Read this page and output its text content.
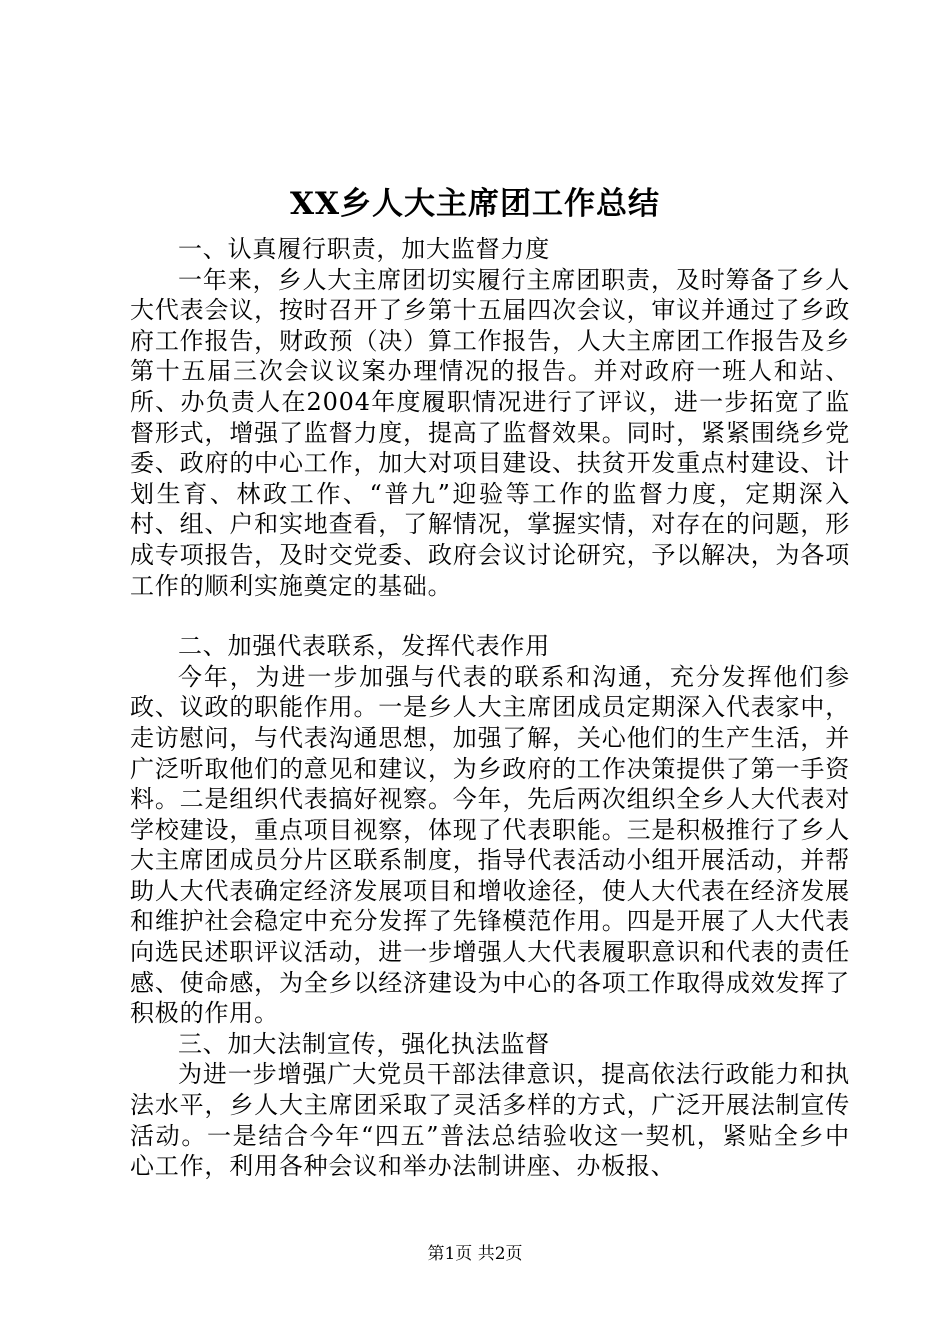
XX乡人大主席团工作总结

一、认真履行职责，加大监督力度

一年来，乡人大主席团切实履行主席团职责，及时筹备了乡人大代表会议，按时召开了乡第十五届四次会议，审议并通过了乡政府工作报告，财政预（决）算工作报告，人大主席团工作报告及乡第十五届三次会议议案办理情况的报告。并对政府一班人和站、所、办负责人在2004年度履职情况进行了评议，进一步拓宽了监督形式，增强了监督力度，提高了监督效果。同时，紧紧围绕乡党委、政府的中心工作，加大对项目建设、扶贫开发重点村建设、计划生育、林政工作、“普九”迎验等工作的监督力度，定期深入村、组、户和实地查看，了解情况，掌握实情，对存在的问题，形成专项报告，及时交党委、政府会议讨论研究，予以解决，为各项工作的顺利实施奠定的基础。

二、加强代表联系，发挥代表作用

今年，为进一步加强与代表的联系和沟通，充分发挥他们参政、议政的职能作用。一是乡人大主席团成员定期深入代表家中，走访慰问，与代表沟通思想，加强了解，关心他们的生产生活，并广泛听取他们的意见和建议，为乡政府的工作决策提供了第一手资料。二是组织代表搞好视察。今年，先后两次组织全乡人大代表对学校建设，重点项目视察，体现了代表职能。三是积极推行了乡人大主席团成员分片区联系制度，指导代表活动小组开展活动，并帮助人大代表确定经济发展项目和增收途径，使人大代表在经济发展和维护社会稳定中充分发挥了先锋模范作用。四是开展了人大代表向选民述职评议活动，进一步增强人大代表履职意识和代表的责任感、使命感，为全乡以经济建设为中心的各项工作取得成效发挥了积极的作用。

三、加大法制宣传，强化执法监督

为进一步增强广大党员干部法律意识，提高依法行政能力和执法水平，乡人大主席团采取了灵活多样的方式，广泛开展法制宣传活动。一是结合今年“四五”普法总结验收这一契机，紧贴全乡中心工作，利用各种会议和举办法制讲座、办板报、

第1页 共2页
